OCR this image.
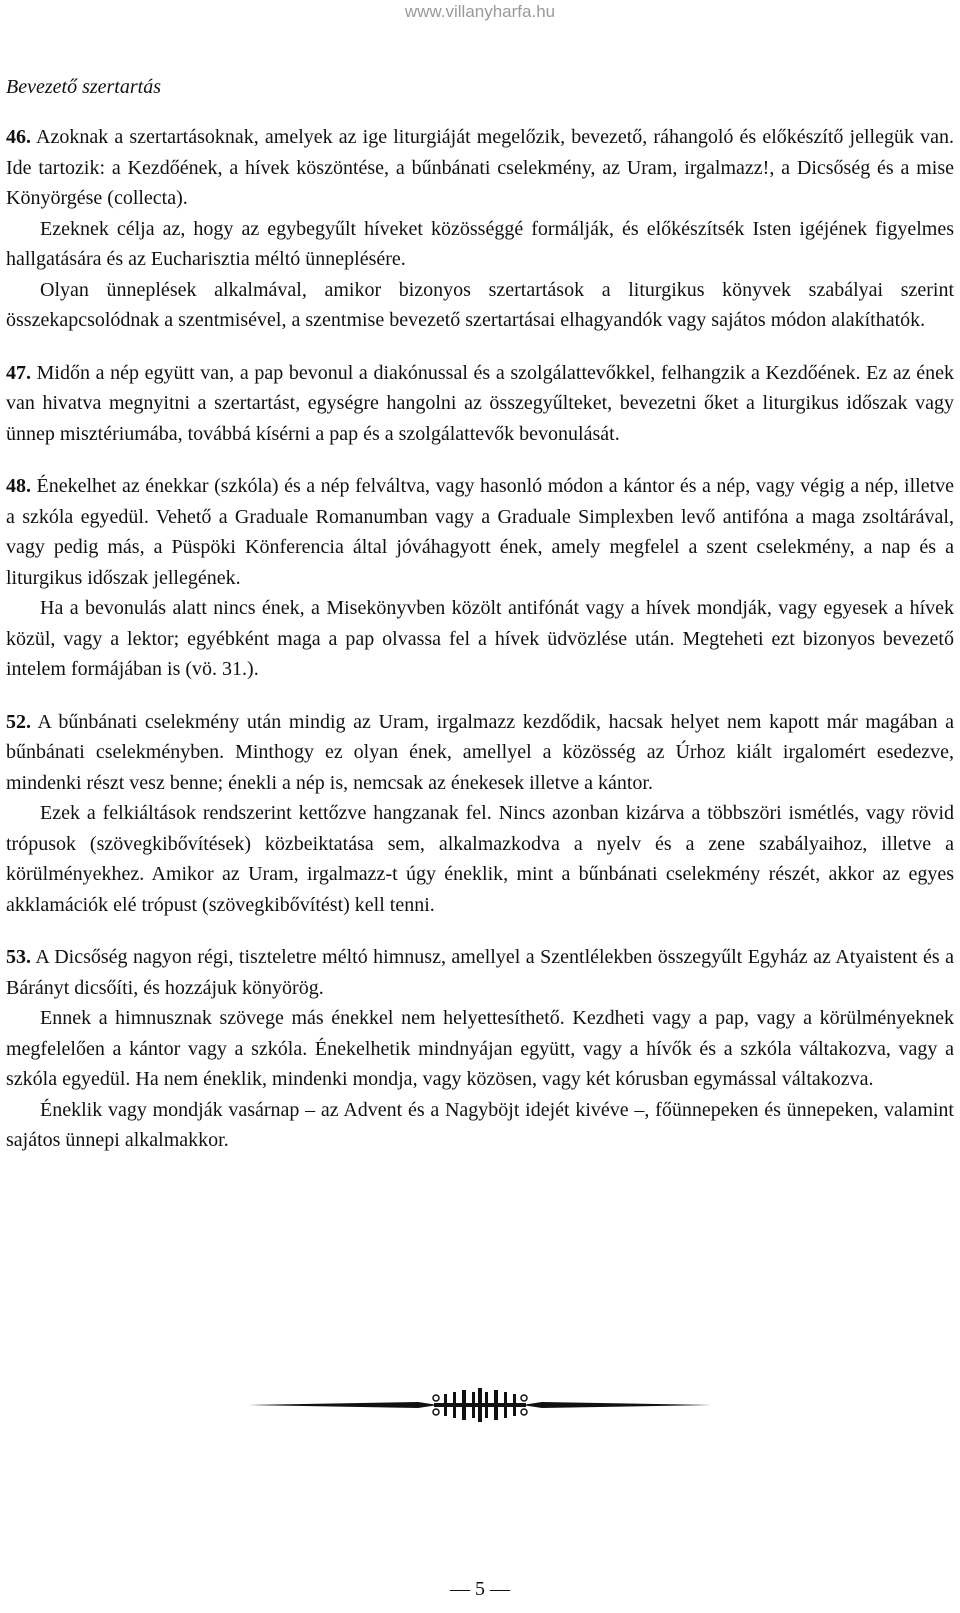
www.villanyharfa.hu
Bevezető szertartás

46. Azoknak a szertartásoknak, amelyek az ige liturgiáját megelőzik, bevezető, ráhangoló és előkészítő jellegük van. Ide tartozik: a Kezdőének, a hívek köszöntése, a bűnbánati cselekmény, az Uram, irgalmazz!, a Dicsőség és a mise Könyörgése (collecta).

Ezeknek célja az, hogy az egybegyűlt híveket közösséggé formálják, és előkészítsék Isten igéjének figyelmes hallgatására és az Eucharisztia méltó ünneplésére.

Olyan ünneplések alkalmával, amikor bizonyos szertartások a liturgikus könyvek szabályai szerint összekapcsolódnak a szentmisével, a szentmise bevezető szertartásai elhagyandók vagy sajátos módon alakíthatók.

47. Midőn a nép együtt van, a pap bevonul a diakónussal és a szolgálattevőkkel, felhangzik a Kezdőének. Ez az ének van hivatva megnyitni a szertartást, egységre hangolni az összegyűlteket, bevezetni őket a liturgikus időszak vagy ünnep misztériumába, továbbá kísérni a pap és a szolgálattevők bevonulását.

48. Énekelhet az énekkar (szkóla) és a nép felváltva, vagy hasonló módon a kántor és a nép, vagy végig a nép, illetve a szkóla egyedül. Vehető a Graduale Romanumban vagy a Graduale Simplexben levő antifóna a maga zsoltárával, vagy pedig más, a Püspöki Könferencia által jóváhagyott ének, amely megfelel a szent cselekmény, a nap és a liturgikus időszak jellegének.

Ha a bevonulás alatt nincs ének, a Misekönyvben közölt antifónát vagy a hívek mondják, vagy egyesek a hívek közül, vagy a lektor; egyébként maga a pap olvassa fel a hívek üdvözlése után. Megteheti ezt bizonyos bevezető intelem formájában is (vö. 31.).

52. A bűnbánati cselekmény után mindig az Uram, irgalmazz kezdődik, hacsak helyet nem kapott már magában a bűnbánati cselekményben. Minthogy ez olyan ének, amellyel a közösség az Úrhoz kiált irgalomért esedezve, mindenki részt vesz benne; énekli a nép is, nemcsak az énekesek illetve a kántor.

Ezek a felkiáltások rendszerint kettőzve hangzanak fel. Nincs azonban kizárva a többszöri ismétlés, vagy rövid trópusok (szövegkibővítések) közbeiktatása sem, alkalmazkodva a nyelv és a zene szabályaihoz, illetve a körülményekhez. Amikor az Uram, irgalmazz-t úgy éneklik, mint a bűnbánati cselekmény részét, akkor az egyes akklamációk elé trópust (szövegkibővítést) kell tenni.

53. A Dicsőség nagyon régi, tiszteletre méltó himnusz, amellyel a Szentlélekben összegyűlt Egyház az Atyaistent és a Bárányt dicsőíti, és hozzájuk könyörög.

Ennek a himnusznak szövege más énekkel nem helyettesíthető. Kezdheti vagy a pap, vagy a körülményeknek megfelelően a kántor vagy a szkóla. Énekelhetik mindnyájan együtt, vagy a hívők és a szkóla váltakozva, vagy a szkóla egyedül. Ha nem éneklik, mindenki mondja, vagy közösen, vagy két kórusban egymással váltakozva.

Éneklik vagy mondják vasárnap – az Advent és a Nagyböjt idejét kivéve –, főünnepeken és ünnepeken, valamint sajátos ünnepi alkalmakkor.

— 5 —
